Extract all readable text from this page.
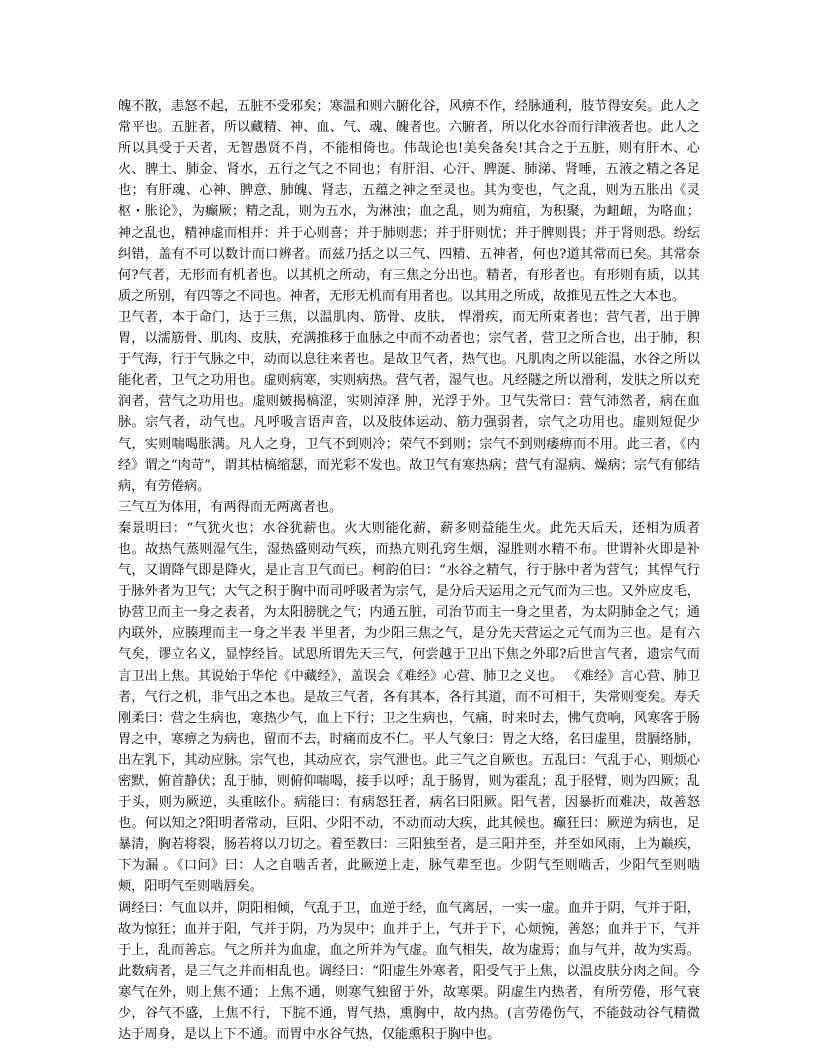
魄不散，恚怒不起，五脏不受邪矣；寒温和则六腑化谷，风痹不作，经脉通利，肢节得安矣。此人之常平也。五脏者，所以藏精、神、血、气、魂、魄者也。六腑者，所以化水谷而行津液者也。此人之所以具受于天者，无智愚贤不肖，不能相倚也。伟哉论也!美矣备矣!其合之于五脏，则有肝木、心火、脾土、肺金、肾水，五行之气之不同也；有肝泪、心汗、脾涎、肺涕、肾唾，五液之精之各足也；有肝魂、心神、脾意、肺魄、肾志，五蕴之神之至灵也。其为变也，气之乱，则为五胀出《灵枢・胀论》，为癫厥；精之乱，则为五水，为淋浊；血之乱，则为痈疽，为积聚，为衄衄，为咯血；神之乱也，精神虚而相并：并于心则喜；并于肺则悲；并于肝则忧；并于脾则畏；并于肾则恐。纷纭纠错，盖有不可以数计而口辨者。而兹乃括之以三气、四精、五神者，何也?道其常而已矣。其常奈何?气者，无形而有机者也。以其机之所动，有三焦之分出也。精者，有形者也。有形则有质，以其质之所别，有四等之不同也。神者，无形无机而有用者也。以其用之所成，故推见五性之大本也。

卫气者，本于命门，达于三焦，以温肌肉、筋骨、皮肤， 悍滑疾，而无所束者也；营气者，出于脾胃，以濡筋骨、肌肉、皮肤，充满推移于血脉之中而不动者也；宗气者，营卫之所合也，出于肺，积于气海，行于气脉之中，动而以息往来者也。是故卫气者，热气也。凡肌肉之所以能温，水谷之所以能化者，卫气之功用也。虚则病寒，实则病热。营气者，湿气也。凡经隧之所以滑利，发肤之所以充润者，营气之功用也。虚则皴揭槁涩，实则淖泽 肿，光浮于外。卫气失常曰：营气沛然者，病在血脉。宗气者，动气也。凡呼吸言语声音，以及肢体运动、筋力强弱者，宗气之功用也。虚则短促少气，实则喘喝胀满。凡人之身，卫气不到则冷；荣气不到则；宗气不到则痿痹而不用。此三者，《内经》谓之“肉苛”，谓其枯槁缩瑟，而光彩不发也。故卫气有寒热病；营气有湿病、燥病；宗气有郁结病，有劳倦病。

三气互为体用，有两得而无两离者也。

秦景明曰：“气犹火也；水谷犹薪也。火大则能化薪，薪多则益能生火。此先天后天，还相为质者也。故热气蒸则湿气生，湿热盛则动气疾，而热亢则孔窍生烟，湿胜则水精不布。世谓补火即是补气，又谓降气即是降火，是止言卫气而已。柯韵伯曰：“水谷之精气，行于脉中者为营气；其悍气行于脉外者为卫气；大气之积于胸中而司呼吸者为宗气，是分后天运用之元气而为三也。又外应皮毛，协营卫而主一身之表者，为太阳膀胱之气；内通五脏，司治节而主一身之里者，为太阴肺金之气；通内联外，应腠理而主一身之半表 半里者，为少阳三焦之气，是分先天营运之元气而为三也。是有六气矣，谬立名义，显悖经旨。试思所谓先天三气，何尝越于卫出下焦之外耶?后世言气者，遗宗气而言卫出上焦。其说始于华佗《中藏经》，盖误会《难经》心营、肺卫之义也。 《难经》言心营、肺卫者，气行之机，非气出之本也。是故三气者，各有其本，各行其道，而不可相干，失常则变矣。寿夭刚柔曰：营之生病也，寒热少气，血上下行；卫之生病也，气痛，时来时去，怫气贲响，风寒客于肠胃之中，寒痹之为病也，留而不去，时痛而皮不仁。平人气象曰：胃之大络，名曰虚里，贯膈络肺，出左乳下，其动应脉。宗气也，其动应衣，宗气泄也。此三气之自厥也。五乱曰：气乱于心，则烦心密默，俯首静伏；乱于肺，则俯仰喘喝，接手以呼；乱于肠胃，则为霍乱；乱于胫臂，则为四厥；乱于头，则为厥逆，头重眩仆。病能曰：有病怒狂者，病名曰阳厥。阳气者，因暴折而难决，故善怒也。何以知之?阳明者常动，巨阳、少阳不动，不动而动大疾，此其候也。癫狂曰：厥逆为病也，足暴清，胸若将裂，肠若将以刀切之。着至教曰：三阳独至者，是三阳并至，并至如风雨，上为巅疾，下为漏 。《口问》曰：人之自啮舌者，此厥逆上走，脉气辈至也。少阴气至则啮舌，少阳气至则啮颊，阳明气至则啮唇矣。

调经曰：气血以并，阴阳相倾，气乱于卫，血逆于经，血气离居，一实一虚。血并于阴，气并于阳，故为惊狂；血并于阳，气并于阴，乃为炅中；血并于上，气并于下，心烦惋，善怒；血并于下，气并于上，乱而善忘。气之所并为血虚，血之所并为气虚。血气相失，故为虚焉；血与气并，故为实焉。此数病者，是三气之并而相乱也。调经曰：“阳虚生外寒者，阳受气于上焦，以温皮肤分肉之间。今寒气在外，则上焦不通；上焦不通，则寒气独留于外，故寒栗。阴虚生内热者，有所劳倦，形气衰少，谷气不盛，上焦不行，下脘不通，胃气热，熏胸中，故内热。(言劳倦伤气，不能鼓动谷气精微达于周身，是以上下不通。而胃中水谷气热，仅能熏积于胸中也。
